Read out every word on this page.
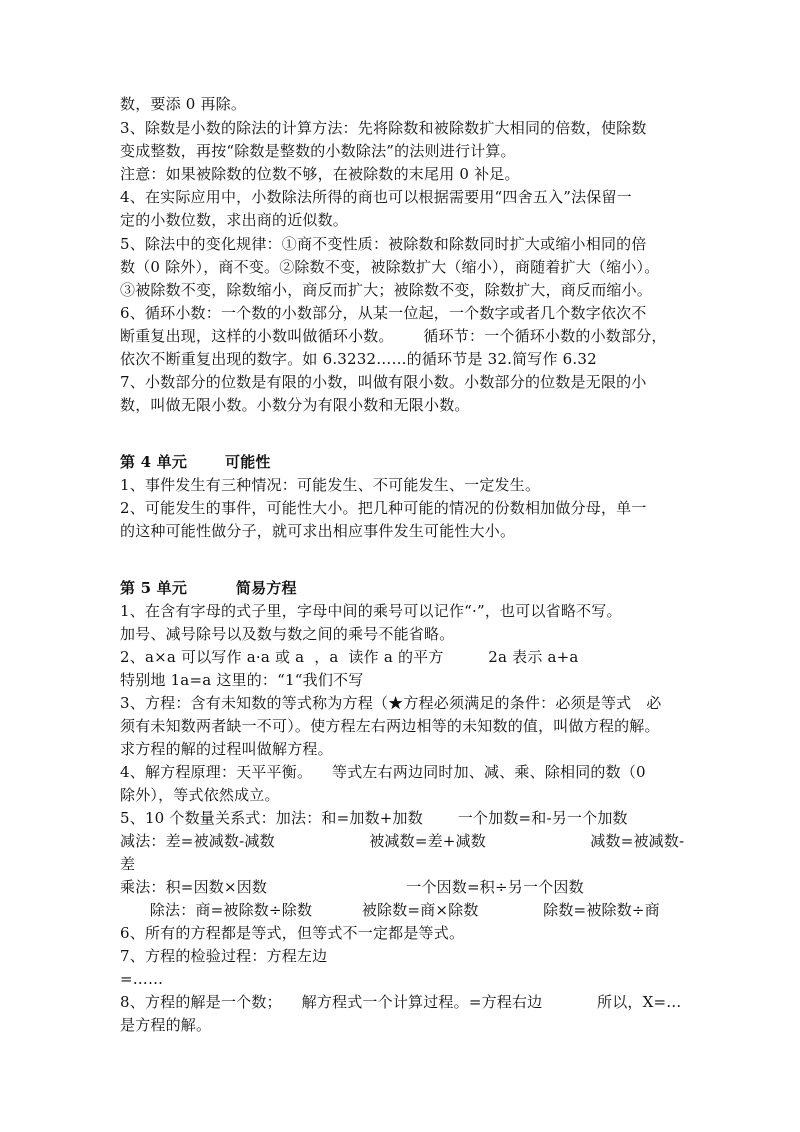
数，要添 0 再除。
3、除数是小数的除法的计算方法：先将除数和被除数扩大相同的倍数，使除数
变成整数，再按“除数是整数的小数除法”的法则进行计算。
注意：如果被除数的位数不够，在被除数的末尾用 0 补足。
4、在实际应用中，小数除法所得的商也可以根据需要用“四舍五入”法保留一
定的小数位数，求出商的近似数。
5、除法中的变化规律：①商不变性质：被除数和除数同时扩大或缩小相同的倍
数（0 除外），商不变。②除数不变，被除数扩大（缩小），商随着扩大（缩小）。
③被除数不变，除数缩小，商反而扩大；被除数不变，除数扩大，商反而缩小。
6、循环小数：一个数的小数部分，从某一位起，一个数字或者几个数字依次不
断重复出现，这样的小数叫做循环小数。      循环节：一个循环小数的小数部分，
依次不断重复出现的数字。如 6.3232……的循环节是 32.简写作 6.32
7、小数部分的位数是有限的小数，叫做有限小数。小数部分的位数是无限的小
数，叫做无限小数。小数分为有限小数和无限小数。
第 4 单元       可能性
1、事件发生有三种情况：可能发生、不可能发生、一定发生。
2、可能发生的事件，可能性大小。把几种可能的情况的份数相加做分母，单一
的这种可能性做分子，就可求出相应事件发生可能性大小。
第 5 单元         简易方程
1、在含有字母的式子里，字母中间的乘号可以记作“·”，也可以省略不写。
加号、减号除号以及数与数之间的乘号不能省略。
2、a×a 可以写作 a·a 或 a  ，a  读作 a 的平方         2a 表示 a+a
特别地 1a=a 这里的：“1“我们不写
3、方程：含有未知数的等式称为方程（★方程必须满足的条件：必须是等式   必
须有未知数两者缺一不可）。使方程左右两边相等的未知数的值，叫做方程的解。
求方程的解的过程叫做解方程。
4、解方程原理：天平平衡。    等式左右两边同时加、减、乘、除相同的数（0
除外），等式依然成立。
5、10 个数量关系式：加法：和=加数+加数       一个加数=和-另一个加数
减法：差=被减数-减数                   被减数=差+减数                     减数=被减数-
差
乘法：积=因数×因数                            一个因数=积÷另一个因数
除法：商=被除数÷除数          被除数=商×除数             除数=被除数÷商
6、所有的方程都是等式，但等式不一定都是等式。
7、方程的检验过程：方程左边
=……
8、方程的解是一个数；    解方程式一个计算过程。=方程右边           所以，X=…
是方程的解。
